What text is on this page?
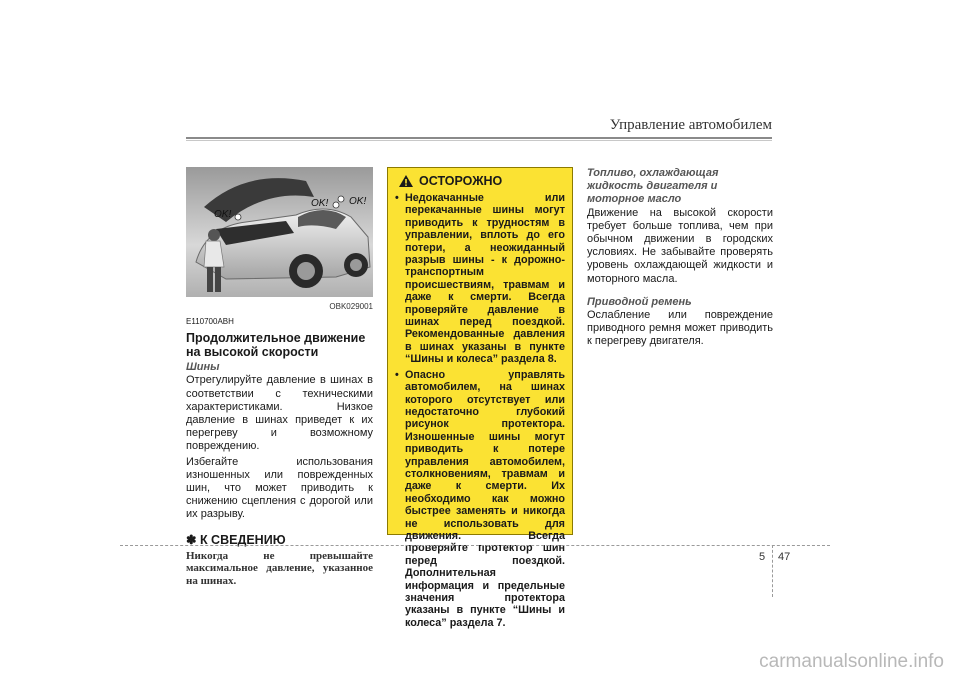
Управление автомобилем
OK!
OK! OK!
OBK029001
E110700ABH
Продолжительное движение на высокой скорости
Шины

Отрегулируйте давление в шинах в соответствии с техническими характеристиками. Низкое давление в шинах приведет к их перегреву и возможному повреждению.

Избегайте использования изношенных или поврежденных шин, что может приводить к снижению сцепления с дорогой или их разрыву.

✽ К СВЕДЕНИЮ
Никогда не превышайте максимальное давление, указанное на шинах.
ОСТОРОЖНО
• Недокачанные или перекачанные шины могут приводить к трудностям в управлении, вплоть до его потери, а неожиданный разрыв шины - к дорожно-транспортным происшествиям, травмам и даже к смерти. Всегда проверяйте давление в шинах перед поездкой. Рекомендованные давления в шинах указаны в пункте “Шины и колеса” раздела 8.
• Опасно управлять автомобилем, на шинах которого отсутствует или недостаточно глубокий рисунок протектора. Изношенные шины могут приводить к потере управления автомобилем, столкновениям, травмам и даже к смерти. Их необходимо как можно быстрее заменять и никогда не использовать для движения. Всегда проверяйте протектор шин перед поездкой. Дополнительная информация и предельные значения протектора указаны в пункте “Шины и колеса” раздела 7.
Топливо, охлаждающая жидкость двигателя и моторное масло

Движение на высокой скорости требует больше топлива, чем при обычном движении в городских условиях. Не забывайте проверять уровень охлаждающей жидкости и моторного масла.

Приводной ремень

Ослабление или повреждение приводного ремня может приводить к перегреву двигателя.

5 47
carmanualsonline.info
